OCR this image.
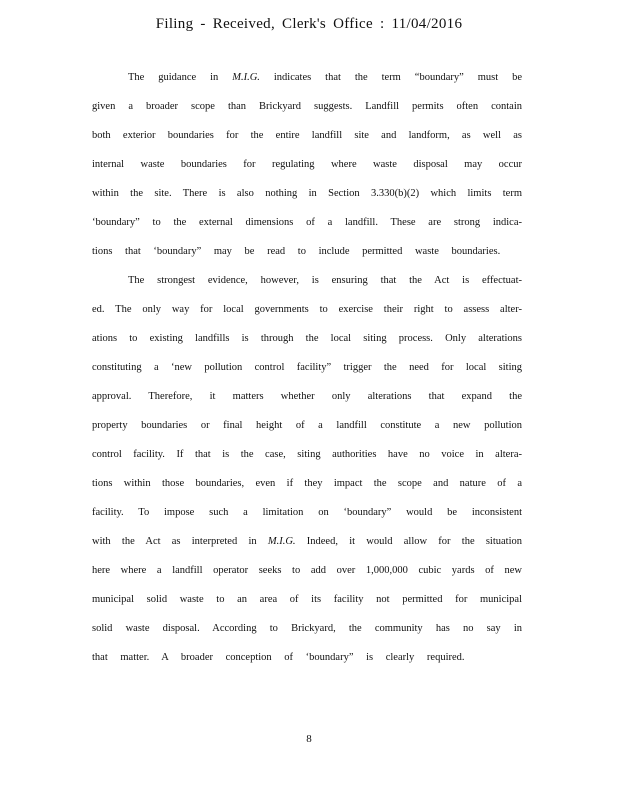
Filing - Received, Clerk's Office : 11/04/2016
The guidance in M.I.G. indicates that the term “boundary” must be
given a broader scope than Brickyard suggests. Landfill permits often contain
both exterior boundaries for the entire landfill site and landform, as well as
internal waste boundaries for regulating where waste disposal may occur
within the site. There is also nothing in Section 3.330(b)(2) which limits term
‘boundary” to the external dimensions of a landfill. These are strong indica-
tions that ‘boundary” may be read to include permitted waste boundaries.
The strongest evidence, however, is ensuring that the Act is effectuat-
ed. The only way for local governments to exercise their right to assess alter-
ations to existing landfills is through the local siting process. Only alterations
constituting a ‘new pollution control facility” trigger the need for local siting
approval. Therefore, it matters whether only alterations that expand the
property boundaries or final height of a landfill constitute a new pollution
control facility. If that is the case, siting authorities have no voice in altera-
tions within those boundaries, even if they impact the scope and nature of a
facility. To impose such a limitation on ‘boundary” would be inconsistent
with the Act as interpreted in M.I.G. Indeed, it would allow for the situation
here where a landfill operator seeks to add over 1,000,000 cubic yards of new
municipal solid waste to an area of its facility not permitted for municipal
solid waste disposal. According to Brickyard, the community has no say in
that matter. A broader conception of ‘boundary” is clearly required.
8
